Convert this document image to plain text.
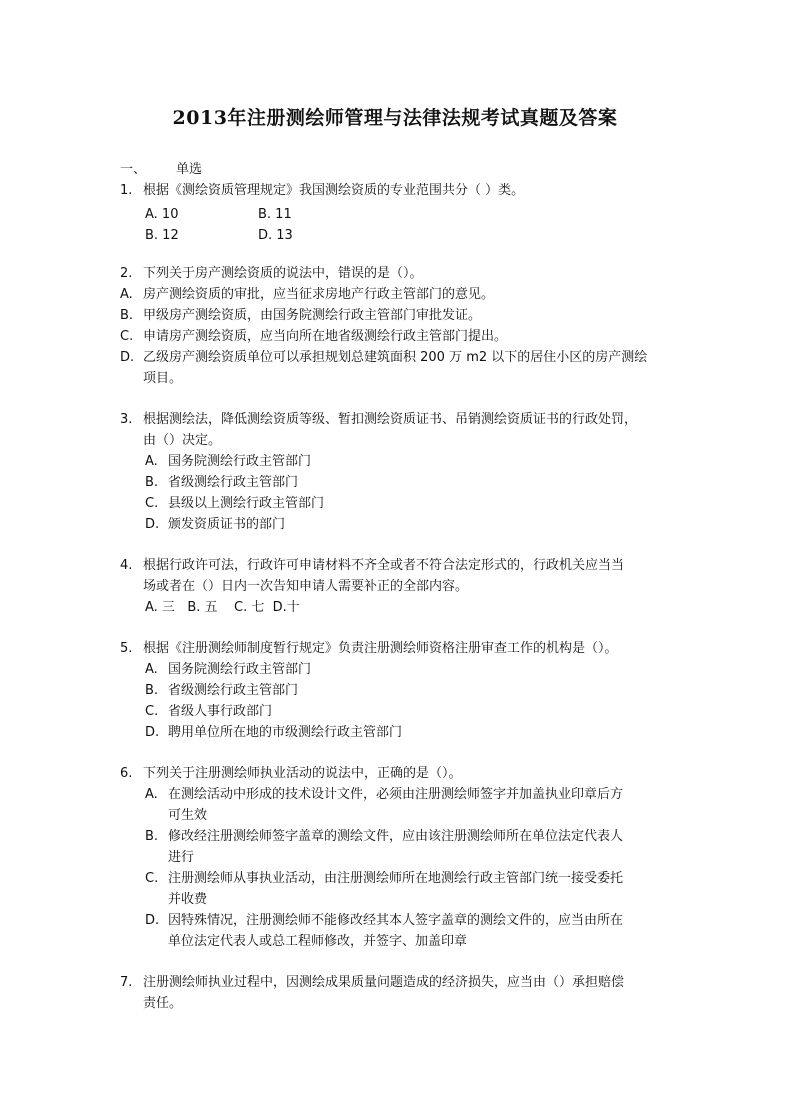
2013年注册测绘师管理与法律法规考试真题及答案
一、 单选
1. 根据《测绘资质管理规定》我国测绘资质的专业范围共分（ ）类。
A. 10	B. 11
B. 12	D. 13
2. 下列关于房产测绘资质的说法中，错误的是（）。
A. 房产测绘资质的审批，应当征求房地产行政主管部门的意见。
B. 甲级房产测绘资质，由国务院测绘行政主管部门审批发证。
C. 申请房产测绘资质，应当向所在地省级测绘行政主管部门提出。
D. 乙级房产测绘资质单位可以承担规划总建筑面积 200 万 m2 以下的居住小区的房产测绘
项目。
3. 根据测绘法，降低测绘资质等级、暂扣测绘资质证书、吊销测绘资质证书的行政处罚，
由（）决定。
A. 国务院测绘行政主管部门
B. 省级测绘行政主管部门
C. 县级以上测绘行政主管部门
D. 颁发资质证书的部门
4. 根据行政许可法，行政许可申请材料不齐全或者不符合法定形式的，行政机关应当当
场或者在（）日内一次告知申请人需要补正的全部内容。
A. 三   B. 五    C. 七  D.十
5. 根据《注册测绘师制度暂行规定》负责注册测绘师资格注册审查工作的机构是（）。
A. 国务院测绘行政主管部门
B. 省级测绘行政主管部门
C. 省级人事行政部门
D. 聘用单位所在地的市级测绘行政主管部门
6. 下列关于注册测绘师执业活动的说法中，正确的是（）。
A. 在测绘活动中形成的技术设计文件，必须由注册测绘师签字并加盖执业印章后方
可生效
B. 修改经注册测绘师签字盖章的测绘文件，应由该注册测绘师所在单位法定代表人
进行
C. 注册测绘师从事执业活动，由注册测绘师所在地测绘行政主管部门统一接受委托
并收费
D. 因特殊情况，注册测绘师不能修改经其本人签字盖章的测绘文件的，应当由所在
单位法定代表人或总工程师修改，并签字、加盖印章
7. 注册测绘师执业过程中，因测绘成果质量问题造成的经济损失，应当由（）承担赔偿
责任。
